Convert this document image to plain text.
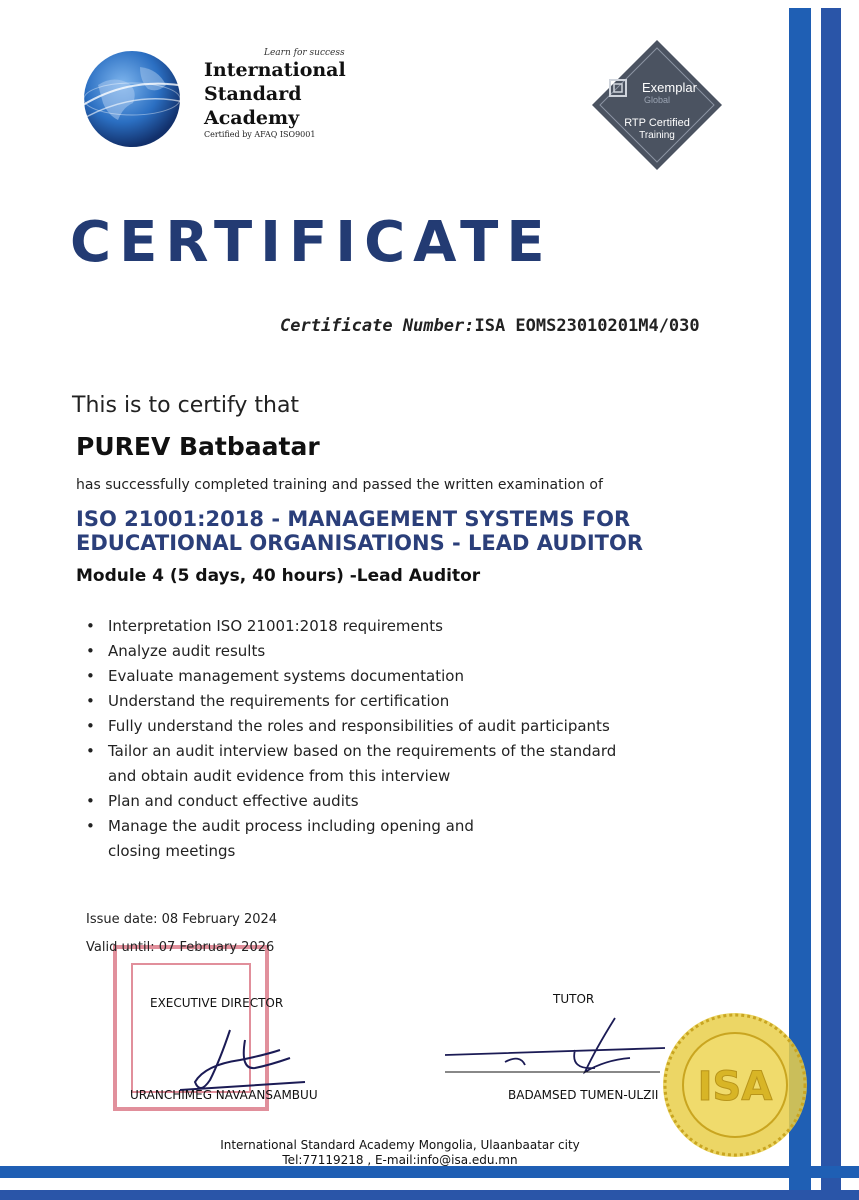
Learn for success
International
Standard
Academy
Certified by AFAQ ISO9001
Exemplar
Global
RTP Certified
Training
CERTIFICATE
Certificate Number:ISA EOMS23010201M4/030
This is to certify that
PUREV Batbaatar
has successfully completed training and passed the written examination of
ISO 21001:2018 - MANAGEMENT SYSTEMS FOR
EDUCATIONAL ORGANISATIONS - LEAD AUDITOR
Module 4 (5 days, 40 hours) -Lead Auditor
• Interpretation ISO 21001:2018 requirements
• Analyze audit results
• Evaluate management systems documentation
• Understand the requirements for certification
• Fully understand the roles and responsibilities of audit participants
• Tailor an audit interview based on the requirements of the standard and obtain audit evidence from this interview
• Plan and conduct effective audits
• Manage the audit process including opening and closing meetings
Issue date: 08 February 2024
Valid until: 07 February 2026
EXECUTIVE DIRECTOR
URANCHIMEG NAVAANSAMBUU
TUTOR
BADAMSED TUMEN-ULZII ISA
International Standard Academy Mongolia, Ulaanbaatar city
Tel:77119218 , E-mail:info@isa.edu.mn
